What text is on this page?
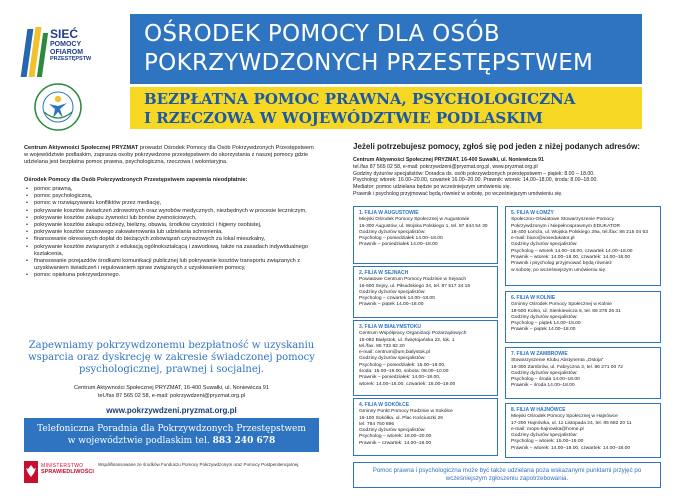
SIEĆ
POMOCY
OFIAROM
PRZESTĘPSTW
OŚRODEK POMOCY DLA OSÓB
POKRZYWDZONYCH PRZESTĘPSTWEM
BEZPŁATNA POMOC PRAWNA, PSYCHOLOGICZNA
I RZECZOWA W WOJEWÓDZTWIE PODLASKIM
Centrum Aktywności Społecznej PRYZMAT prowadzi Ośrodek Pomocy dla Osób Pokrzywdzonych Przestępstwem w województwie podlaskim, zaprasza osoby pokrzywdzone przestępstwem do skorzystania z naszej pomocy gdzie udzielana jest bezpłatna pomoc prawna, psychologiczna, rzeczowa i wolontaryjna.
Ośrodek Pomocy dla Osób Pokrzywdzonych Przestępstwem zapewnia nieodpłatnie:
• pomoc prawną,
• pomoc psychologiczną,
• pomoc w rozwiązywaniu konfliktów przez mediację,
• pokrywanie kosztów świadczeń zdrowotnych oraz wyrobów medycznych, niezbędnych w procesie leczniczym,
• pokrywanie kosztów zakupu żywności lub bonów żywnościowych,
• pokrywanie kosztów zakupu odzieży, bielizny, obuwia, środków czystości i higieny osobistej,
• pokrywanie kosztów czasowego zakwaterowania lub udzielania schronienia,
• finansowanie okresowych dopłat do bieżących zobowiązań czynszowych za lokal mieszkalny,
• pokrywanie kosztów związanych z edukacją ogólnokształcącą i zawodową, także na zasadach indywidualnego kształcenia,
• finansowanie przejazdów środkami komunikacji publicznej lub pokrywanie kosztów transportu związanych z uzyskiwaniem świadczeń i regulowaniem spraw związanych z uzyskiwaniem pomocy,
• pomoc opiekuna pokrzywdzonego.
Zapewniamy pokrzywdzonemu bezpłatność w uzyskaniu wsparcia oraz dyskrecję w zakresie świadczonej pomocy psychologicznej, prawnej i socjalnej.
Centrum Aktywności Społecznej PRYZMAT, 16-400 Suwałki, ul. Noniewicza 91
tel./fax 87 565 02 58, e-mail: pokrzywdzeni@pryzmat.org.pl
www.pokrzywdzeni.pryzmat.org.pl
Telefoniczna Poradnia dla Pokrzywdzonych Przestępstwem
w województwie podlaskim tel. 883 240 678
MINISTERSTWO
SPRAWIEDLIWOŚCI
Współfinansowane ze środków Funduszu Pomocy Pokrzywdzonym oraz Pomocy Postpenitencjarnej.
Jeżeli potrzebujesz pomocy, zgłoś się pod jeden z niżej podanych adresów:
Centrum Aktywności Społecznej PRYZMAT, 16-400 Suwałki, ul. Noniewicza 91
tel./fax 87 565 02 58, e-mail: pokrzywdzeni@pryzmat.org.pl, www.pryzmat.org.pl
Godziny dyżurów specjalistów: Doradca ds. osób pokrzywdzonych przestępstwem – piątek: 8.00 – 18.00.
Psycholog: wtorek: 16.00–20.00, czwartek 16.00–20.00. Prawnik: wtorek: 14.00–18.00, środa: 8.00–18.00.
Mediator: pomoc udzielana będzie po wcześniejszym umówieniu się.
Prawnik i psycholog przyjmować będą również w sobotę, po wcześniejszym umówieniu się.
1. FILIA W AUGUSTOWIE
Miejski Ośrodek Pomocy Społecznej w Augustowie
16-300 Augustów, ul. Wojska Polskiego 1, tel. 87 644 54 30
Godziny dyżurów specjalistów:
Psycholog – poniedziałek 14.00–18.00
Prawnik – poniedziałek 14.00–18.00
2. FILIA W SEJNACH
Powiatowe Centrum Pomocy Rodzinie w Sejnach
16-500 Sejny, ul. Piłsudskiego 34, tel. 87 517 34 15
Godziny dyżurów specjalistów:
Psycholog – czwartek 14.00–18.00
Prawnik – piątek 14.00–18.00
3. FILIA W BIAŁYMSTOKU
Centrum Współpracy Organizacji Pozarządowych
15-082 Białystok, ul. Świętojańska 22, lok. 1
tel./fax. 85 732 82 20
e-mail: centrum@um.bialystok.pl
Godziny dyżurów specjalistów:
Psycholog – poniedziałek: 15.00–19.00,
środa: 15.00–19.00, sobota: 08.00–10.00
Prawnik – poniedziałek: 14.00–18.00,
wtorek: 14.00–18.00, czwartek: 15.00–19.00
4. FILIA W SOKÓŁCE
Gminny Punkt Pomocy Rodzinie w Sokółce
16-100 Sokółka, ul. Plac Kościuszki 26
tel. 784 750 896
Godziny dyżurów specjalistów:
Psycholog – wtorek: 16.00–20.00
Prawnik – czwartek: 14.00–18.00
5. FILIA W ŁOMŻY
Społeczno-Oświatowe Stowarzyszenie Pomocy
Pokrzywdzonym i Niepełnosprawnym EDUKATOR
18-400 Łomża, ul. Wojska Polskiego 29a, tel./fax: 86 215 04 63
e-mail: biuro@sosedukator.pl
Godziny dyżurów specjalistów:
Psycholog – wtorek 14.00–18.00, czwartek 14.00–18.00
Prawnik – wtorek: 14.00–18.00, czwartek: 14.00–18.00
Prawnik i psycholog przyjmować będą również
w sobotę, po wcześniejszym umówieniu się.
6. FILIA W KOLNIE
Gminny Ośrodek Pomocy Społecznej w Kolnie
18-500 Kolno, ul. Sienkiewicza 5, tel. 86 278 26 31
Godziny dyżurów specjalistów:
Psycholog – piątek 14.00–18.00
Prawnik – piątek 14.00–18.00
7. FILIA W ZAMBROWIE
Stowarzyszenie Klubu Abstynenta „Ostoja”
18-300 Zambrów, ul. Fabryczna 3, tel. 86 271 00 72
Godziny dyżurów specjalistów:
Psycholog – środa 14.00–18.00
Prawnik – środa 14.00–18.00
8. FILIA W HAJNÓWCE
Miejski Ośrodek Pomocy Społecznej w Hajnówce
17-200 Hajnówka, ul. 11 Listopada 24, tel. 85 682 20 11
e-mail: mops-hajnowka@home.pl
Godziny dyżurów specjalistów:
Psycholog – wtorek: 15.00–19.00
Prawnik – wtorek: 14.00–18.00, czwartek: 14.00–18.00
Pomoc prawna i psychologiczna może być także udzielana poza wskazanymi punktami przyjęć po wcześniejszym zgłoszeniu zapotrzebowania.
